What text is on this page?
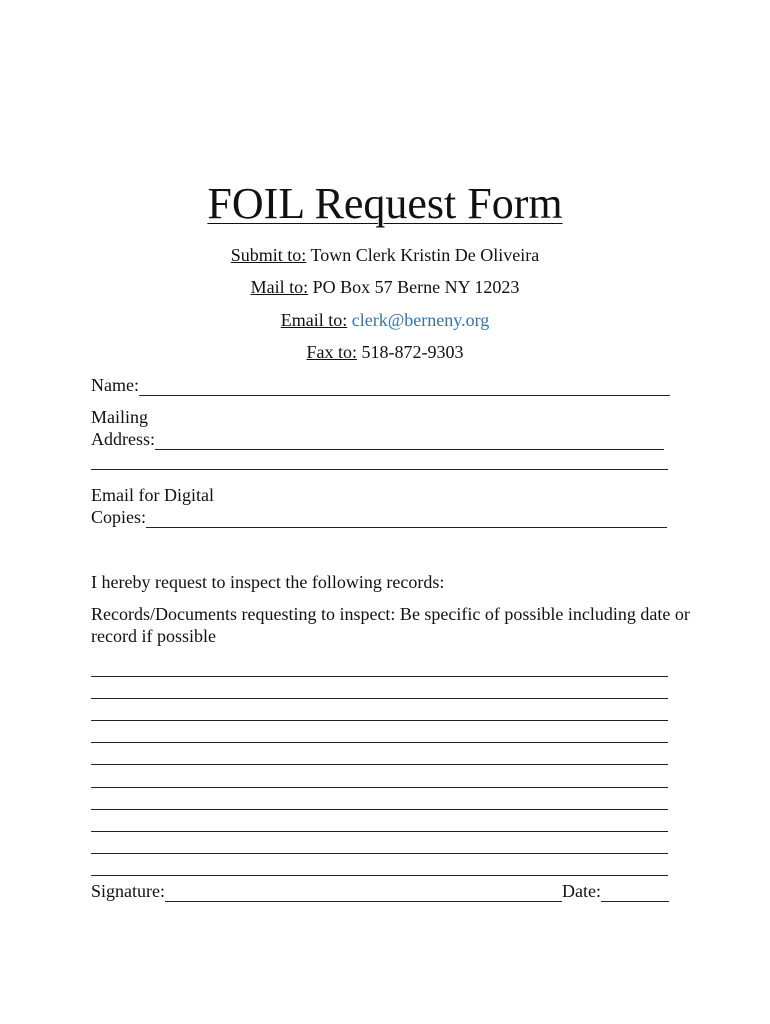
FOIL Request Form
Submit to: Town Clerk Kristin De Oliveira
Mail to: PO Box 57 Berne NY 12023
Email to: clerk@berneny.org
Fax to: 518-872-9303
Name:
Mailing
Address:
Email for Digital
Copies:
I hereby request to inspect the following records:
Records/Documents requesting to inspect: Be specific of possible including date or record if possible
Signature:	Date:
